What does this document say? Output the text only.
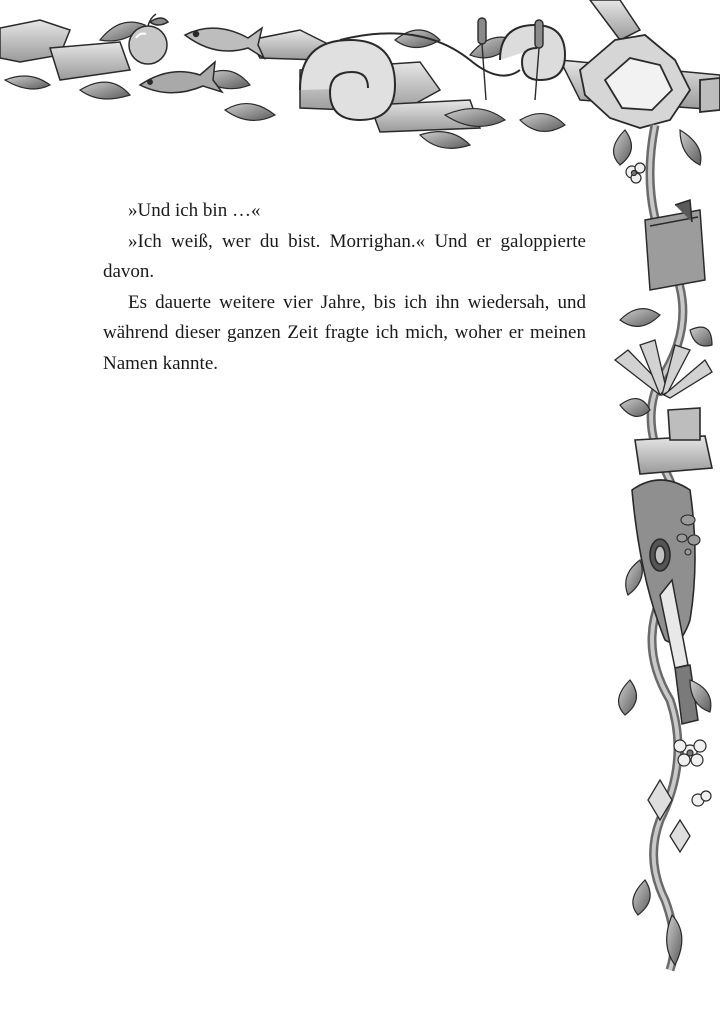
»Und ich bin …«

»Ich weiß, wer du bist. Morrighan.« Und er galoppierte davon.

Es dauerte weitere vier Jahre, bis ich ihn wiedersah, und während dieser ganzen Zeit fragte ich mich, woher er meinen Namen kannte.
